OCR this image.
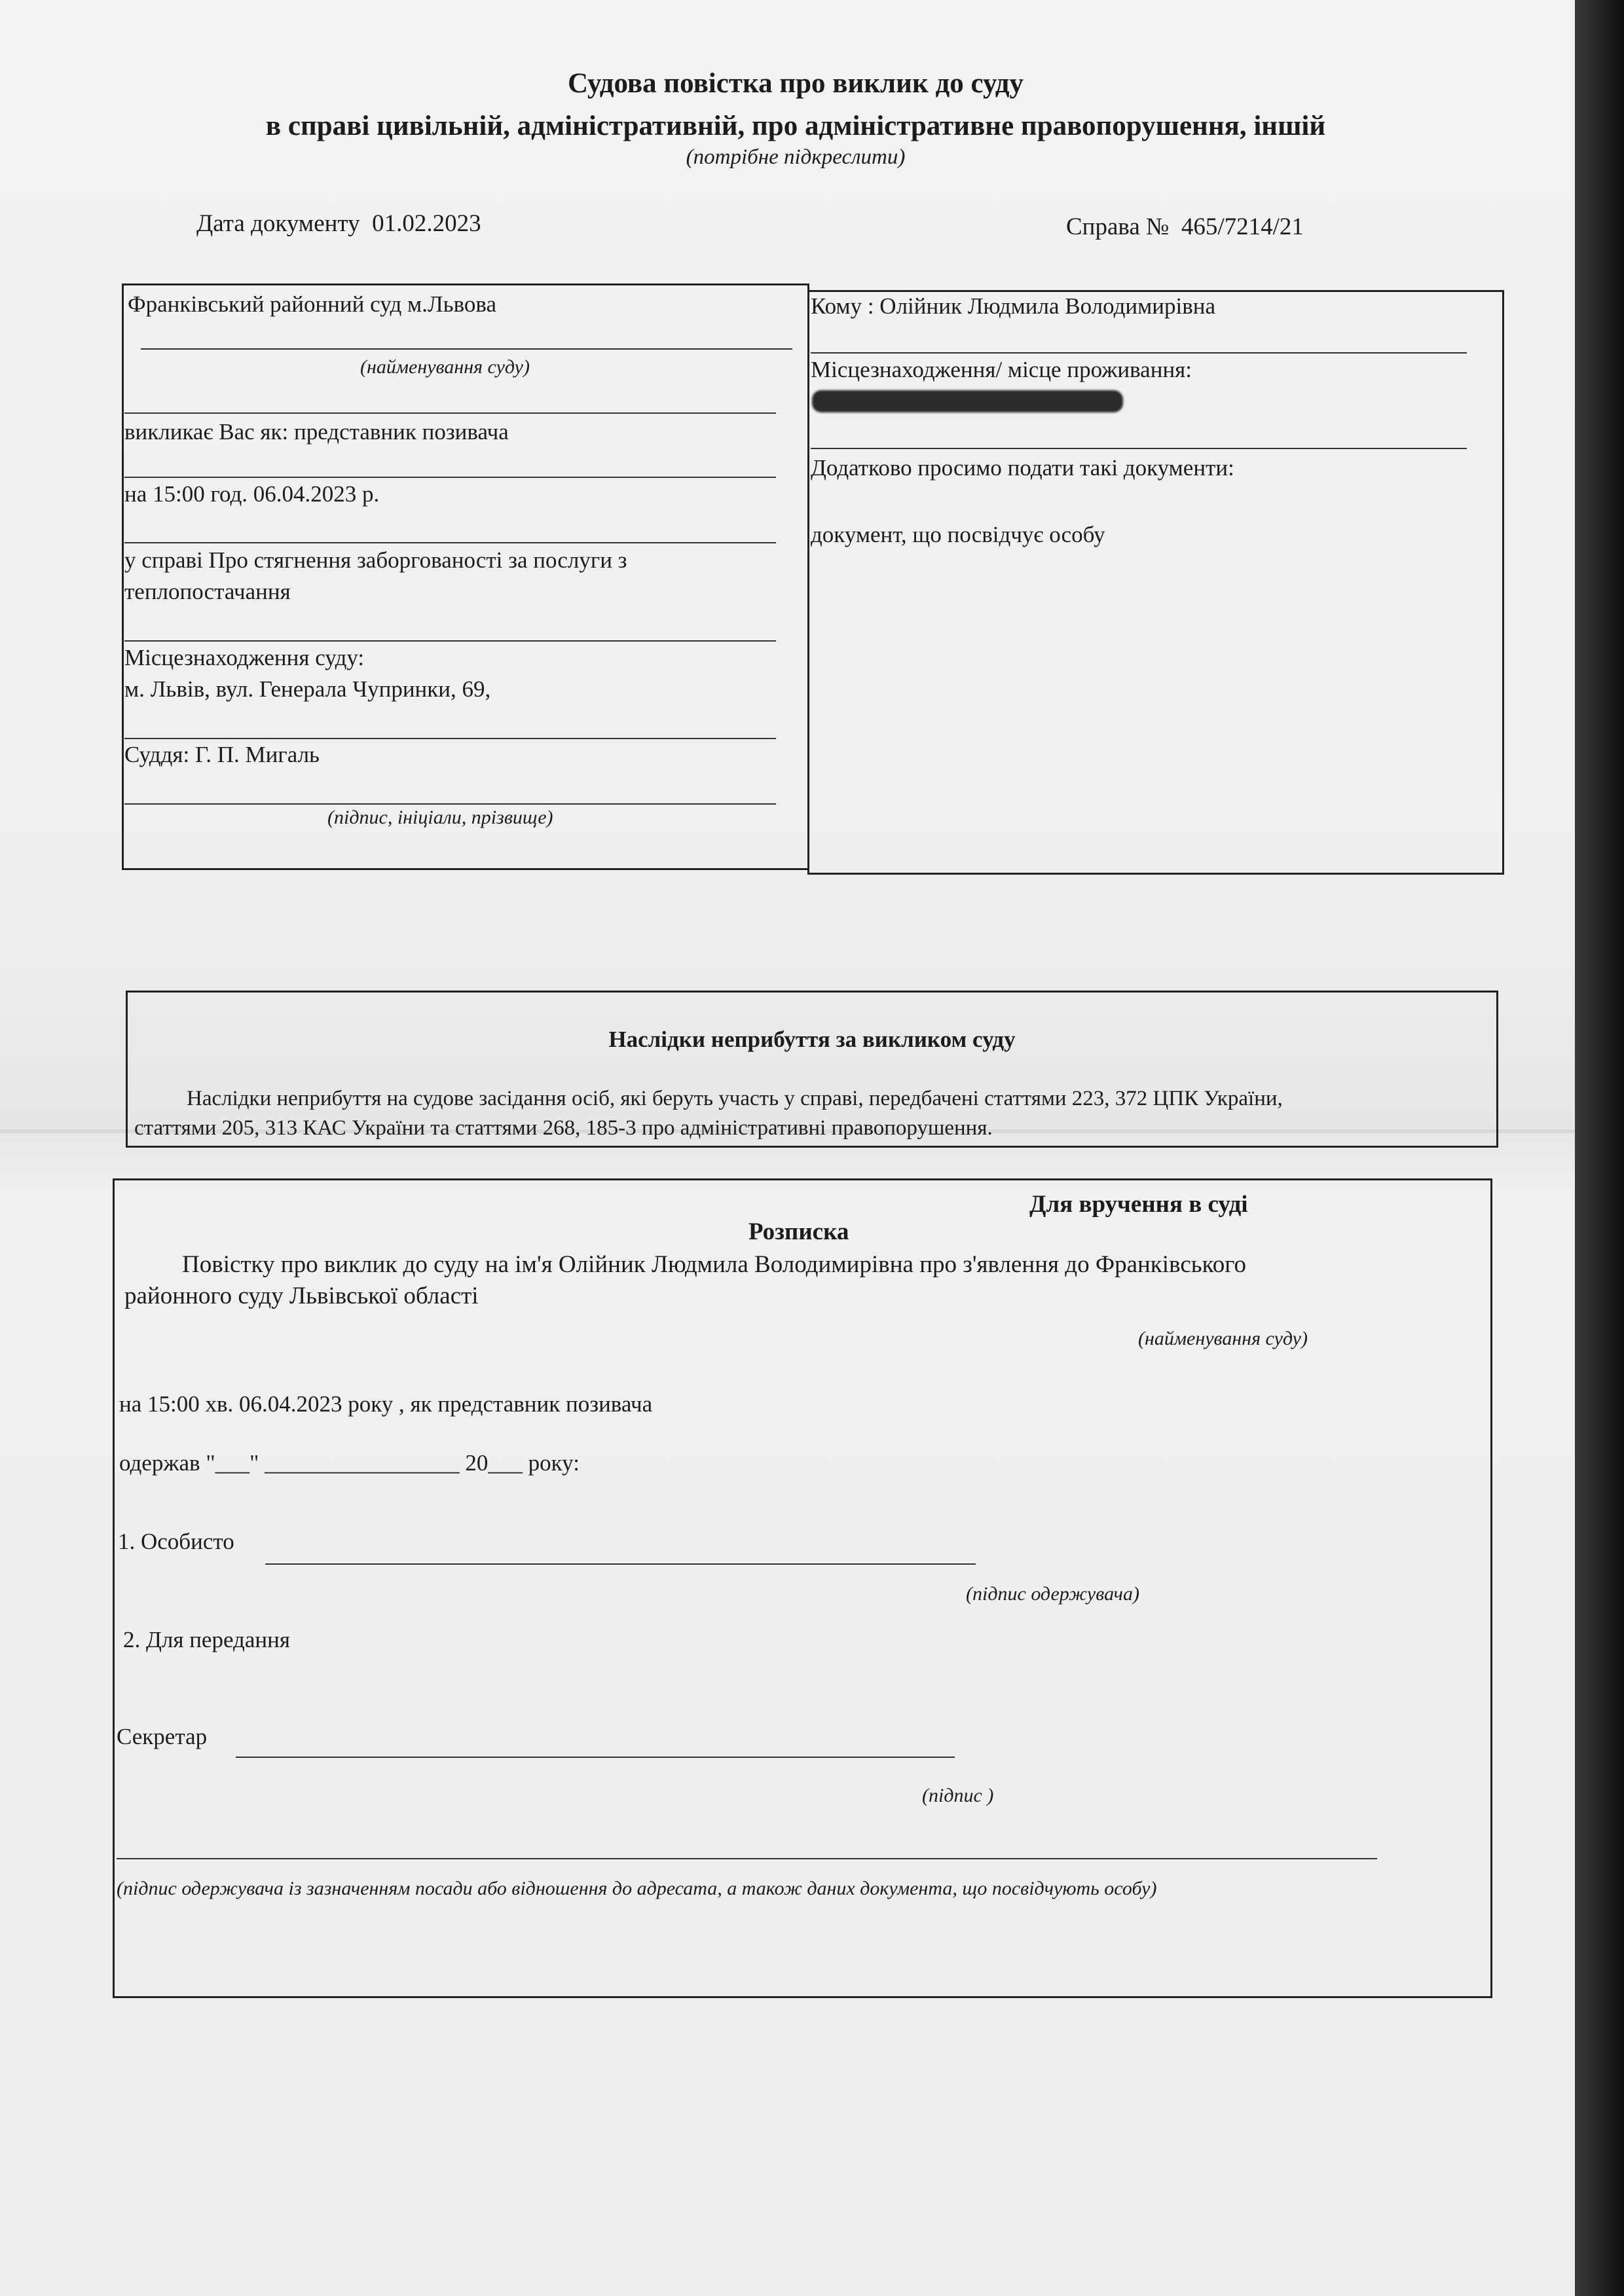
Судова повістка про виклик до суду
в справі цивільній, адміністративній, про адміністративне правопорушення, іншій
(потрібне підкреслити)
Дата документу 01.02.2023	Справа № 465/7214/21
Франківський районний суд м.Львова
(найменування суду)
викликає Вас як: представник позивача
на 15:00 год. 06.04.2023 р.
у справі Про стягнення заборгованості за послуги з
теплопостачання
Місцезнаходження суду:
м. Львів, вул. Генерала Чупринки, 69,
Суддя: Г. П. Мигаль
(підпис, ініціали, прізвище)
Кому : Олійник Людмила Володимирівна
Місцезнаходження/ місце проживання:
Додатково просимо подати такі документи:
документ, що посвідчує особу
Наслідки неприбуття за викликом суду
Наслідки неприбуття на судове засідання осіб, які беруть участь у справі, передбачені статтями 223, 372 ЦПК України,
статтями 205, 313 КАС України та статтями 268, 185-3 про адміністративні правопорушення.
Для вручення в суді
Розписка
Повістку про виклик до суду на ім'я Олійник Людмила Володимирівна про з'явлення до Франківського
районного суду Львівської області
(найменування суду)
на 15:00 хв. 06.04.2023 року , як представник позивача
одержав "___" _________________ 20___ року:
1. Особисто
(підпис одержувача)
2. Для передання
Секретар
(підпис )
(підпис одержувача із зазначенням посади або відношення до адресата, а також даних документа, що посвідчують особу)
